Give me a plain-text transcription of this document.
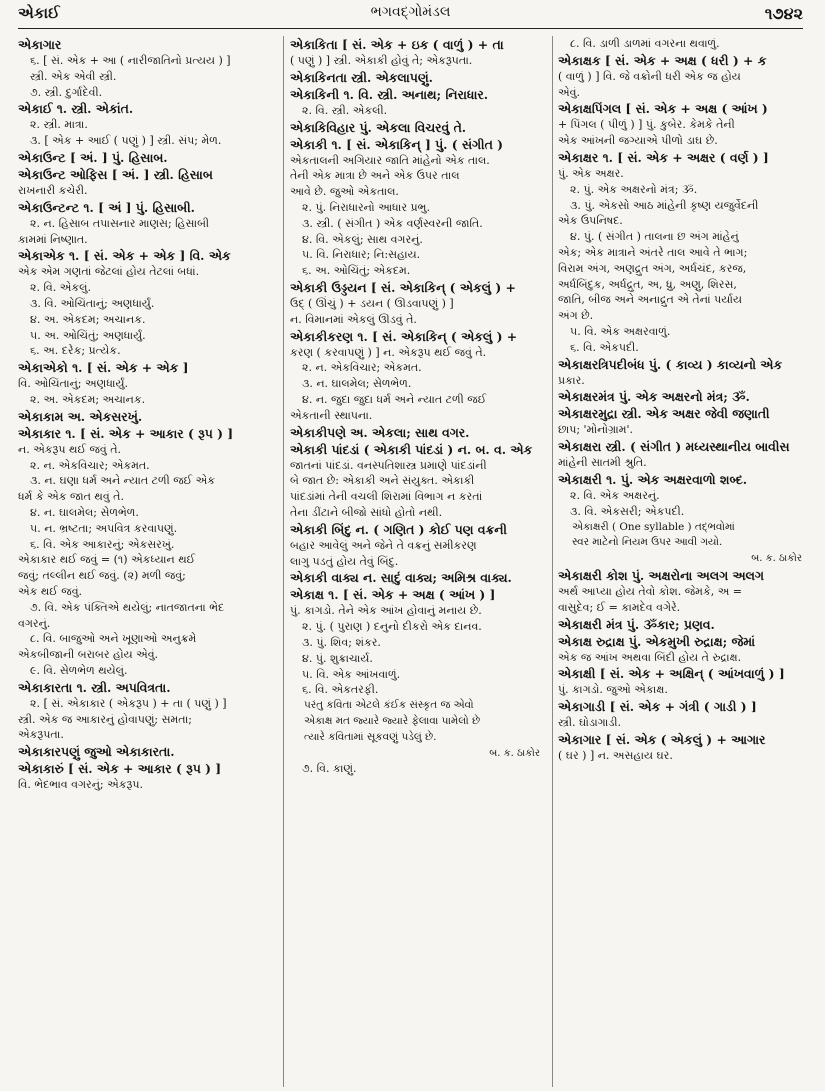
એકાઈ	ભગવદ્ગોમંડલ	૧૭૪૨
એકાગાર
૬. [ સં. એક + આ ( નારીજાતિનો પ્રત્યય ) ]
સ્ત્રી. એક એવી સ્ત્રી.
૭. સ્ત્રી. દુર્ગાદેવી.
એકાઈ ૧. સ્ત્રી. એકાંત.
૨. સ્ત્રી. માત્રા.
૩. [ એક + આઈ ( પણું ) ] સ્ત્રી. સંપ; મેળ.
એકાઉન્ટ [ અં. ] પું. હિસાબ.
એકાઉન્ટ ઓફિસ [ અં. ] સ્ત્રી. હિસાબ
રાખનારી કચેરી.
એકાઉન્ટન્ટ ૧. [ અં ] પું. હિસાબી.
૨. ન. હિસાબ તપાસનાર માણસ; હિસાબી
કામમાં નિષ્ણાત.
એકાએક ૧. [ સં. એક + એક ] વિ. એક
એક એમ ગણતાં જેટલાં હોય તેટલાં બધાં.
૨. વિ. એકલું.
૩. વિ. ઓચિંતાનું; અણધાર્યું.
૪. અ. એકદમ; અચાનક.
૫. અ. ઓચિંતું; અણધાર્યું.
૬. અ. દરેક; પ્રત્યેક.
એકાએકો ૧. [ સં. એક + એક ]
વિ. ઓચિંતાનું; અણધાર્યું.
૨. અ. એકદમ; અચાનક.
એકાકામ અ. એકસરખું.
એકાકાર ૧. [ સં. એક + આકાર ( રૂપ ) ]
ન. એકરૂપ થઈ જવું તે.
૨. ન. એકવિચાર; એકમત.
૩. ન. ઘણા ધર્મ અને ન્યાત ટળી જઈ એક
ધર્મ કે એક જાત થવું તે.
૪. ન. ઘાલમેલ; સેળભેળ.
૫. ન. ભ્રષ્ટતા; અપવિત્ર કરવાપણું.
૬. વિ. એક આકારનું; એકસરખું.
એકાકાર થઈ જવું = (૧) એકધ્યાન થઈ
જવું; તલ્લીન થઈ જવું. (૨) મળી જવું;
એક થઈ જવું.
૭. વિ. એક પંક્તિએ થયેલું; નાતજાતના ભેદ
વગરનું.
૮. વિ. બાજુઓ અને ખૂણાઓ અનુક્રમે
એકબીજાની બરાબર હોય એવું.
૯. વિ. સેળભેળ થયેલું.
એકાકારતા ૧. સ્ત્રી. અપવિત્રતા.
૨. [ સં. એકાકાર ( એકરૂપ ) + તા ( પણું ) ]
સ્ત્રી. એક જ આકારનું હોવાપણું; સમતા;
એકરૂપતા.
એકાકારપણું જુઓ એકાકારતા.
એકાકારું [ સં. એક + આકાર ( રૂપ ) ]
વિ. ભેદભાવ વગરનું; એકરૂપ.
એકાકિતા [ સં. એક + ઇક ( વાળું ) + તા
( પણું ) ] સ્ત્રી. એકાકી હોવું તે; એકરૂપતા.
એકાકિનતા સ્ત્રી. એકલાપણું.
એકાકિની ૧. વિ. સ્ત્રી. અનાથ; નિરાધાર.
૨. વિ. સ્ત્રી. એકલી.
એકાકિવિહાર પું. એકલા વિચરવું તે.
એકાકી ૧. [ સં. એકાકિન્ ] પું. ( સંગીત )
એકતાલની અગિયાર જાતિ માંહેનો એક તાલ.
તેની એક માત્રા છે અને એક ઉપર તાલ
આવે છે. જુઓ એકતાલ.
૨. પું. નિરાધારનો આધાર પ્રભુ.
૩. સ્ત્રી. ( સંગીત ) એક વર્ણસ્વરની જાતિ.
૪. વિ. એકલું; સાથ વગરનું.
૫. વિ. નિરાધાર; નિ:સહાય.
૬. અ. ઓચિંતું; એકદમ.
એકાકી ઉડ્ડયન [ સં. એકાકિન્ ( એકલું ) +
ઉદ્ ( ઊંચું ) + ડયન ( ઊડવાપણું ) ]
ન. વિમાનમાં એકલું ઊડવું તે.
એકાકીકરણ ૧. [ સં. એકાકિન્ ( એકલું ) +
કરણ ( કરવાપણું ) ] ન. એકરૂપ થઈ જવું તે.
૨. ન. એકવિચાર; એકમત.
૩. ન. ઘાલમેલ; સેળભેળ.
૪. ન. જુદા જુદા ધર્મ અને ન્યાત ટળી જઈ
એકતાની સ્થાપના.
એકાકીપણે અ. એકલા; સાથ વગર.
એકાકી પાંદડાં ( એકાકી પાંદડાં ) ન. બ. વ. એક
જાતનાં પાંદડાં. વનસ્પતિશાસ્ત્ર પ્રમાણે પાંદડાંની
બે જાત છે: એકાકી અને સંયુક્ત. એકાકી
પાંદડાંમાં તેની વચલી શિરામાં વિભાગ ન કરતાં
તેના ડીંટાને બીજો સાંધો હોતો નથી.
એકાકી બિંદુ ન. ( ગણિત ) કોઈ પણ વક્રની
બહાર આવેલું અને જેને તે વક્રનું સમીકરણ
લાગુ પડતું હોય તેવું બિંદુ.
એકાકી વાક્ય ન. સાદું વાક્ય; અમિશ્ર વાક્ય.
એકાક્ષ ૧. [ સં. એક + અક્ષ ( આંખ ) ]
પું. કાગડો. તેને એક આંખ હોવાનું મનાય છે.
૨. પું. ( પુરાણ ) દનુનો દીકરો એક દાનવ.
૩. પું. શિવ; શંકર.
૪. પું. શુક્રાચાર્ય.
૫. વિ. એક આંખવાળું.
૬. વિ. એકતરફી.
પરંતુ કવિતા એટલે કંઈક સંસ્કૃત જ એવો
એકાક્ષ મત જ્યારે જ્યારે ફેલાવા પામેલો છે
ત્યારે કવિતામાં સૂકવણું પડેલું છે.
બ. ક. ઠાકોર
૭. વિ. કાણું.
૮. વિ. ડાળી ડાળમાં વગરના થવાળું.
એકાક્ષક [ સં. એક + અક્ષ ( ધરી ) + ક
( વાળું ) ] વિ. જે વક્રોની ધરી એક જ હોય
એવું.
એકાક્ષપિંગલ [ સં. એક + અક્ષ ( આંખ )
+ પિંગલ ( પીળું ) ] પું. કુબેર. કેમકે તેની
એક આંખની જગ્યાએ પીળો ડાઘ છે.
એકાક્ષર ૧. [ સં. એક + અક્ષર ( વર્ણ ) ]
પું. એક અક્ષર.
૨. પું. એક અક્ષરનો મંત્ર; ૐ.
૩. પું. એકસો આઠ માંહેની કૃષ્ણ યજુર્વેદની
એક ઉપનિષદ.
૪. પું. ( સંગીત ) તાલના છ અંગ માંહેનું
એક; એક માત્રાને અંતરે તાલ આવે તે ભાગ;
વિરામ અંગ, અણદ્રુત અંગ, અર્ધચંદ, કરજ,
અર્ધબિંદુક, અર્ધદ્રુત, અ, ધ્રુ, અણુ, શિરસ,
જાતિ, બીજ અને અનાદ્રુત એ તેનાં પર્યાય
અંગ છે.
૫. વિ. એક અક્ષરવાળું.
૬. વિ. એકપદી.
એકાક્ષરત્રિપદીબંધ પું. ( કાવ્ય ) કાવ્યનો એક
પ્રકાર.
એકાક્ષરમંત્ર પું. એક અક્ષરનો મંત્ર; ૐ.
એકાક્ષરમુદ્રા સ્ત્રી. એક અક્ષર જેવી જણાતી
છાપ; 'મોનોગ્રામ'.
એકાક્ષરા સ્ત્રી. ( સંગીત ) મધ્યસ્થાનીય બાવીસ
માંહેની સાતમી શ્રુતિ.
એકાક્ષરી ૧. પું. એક અક્ષરવાળો શબ્દ.
૨. વિ. એક અક્ષરનું.
૩. વિ. એકસરી; એકપદી.
એકાક્ષરી ( One syllable ) તદ્ભવોમાં
સ્વર માટેનો નિયમ ઉપર આવી ગયો.
બ. ક. ઠાકોર
એકાક્ષરી કોશ પું. અક્ષરોના અલગ અલગ
અર્થ આપ્યા હોય તેવો કોશ. જેમકે, અ =
વાસુદેવ; ઈ = કામદેવ વગેરે.
એકાક્ષરી મંત્ર પું. ૐકાર; પ્રણવ.
એકાક્ષ રુદ્રાક્ષ પું. એકમુખી રુદ્રાક્ષ; જેમાં
એક જ આંખ અથવા બિંદી હોય તે રુદ્રાક્ષ.
એકાક્ષી [ સં. એક + અક્ષિન્ ( આંખવાળું ) ]
પું. કાગડો. જુઓ એકાક્ષ.
એકાગાડી [ સં. એક + ગંત્રી ( ગાડી ) ]
સ્ત્રી. ઘોડાગાડી.
એકાગાર [ સં. એક ( એકલું ) + આગાર
( ઘર ) ] ન. અસહાય ઘર.
